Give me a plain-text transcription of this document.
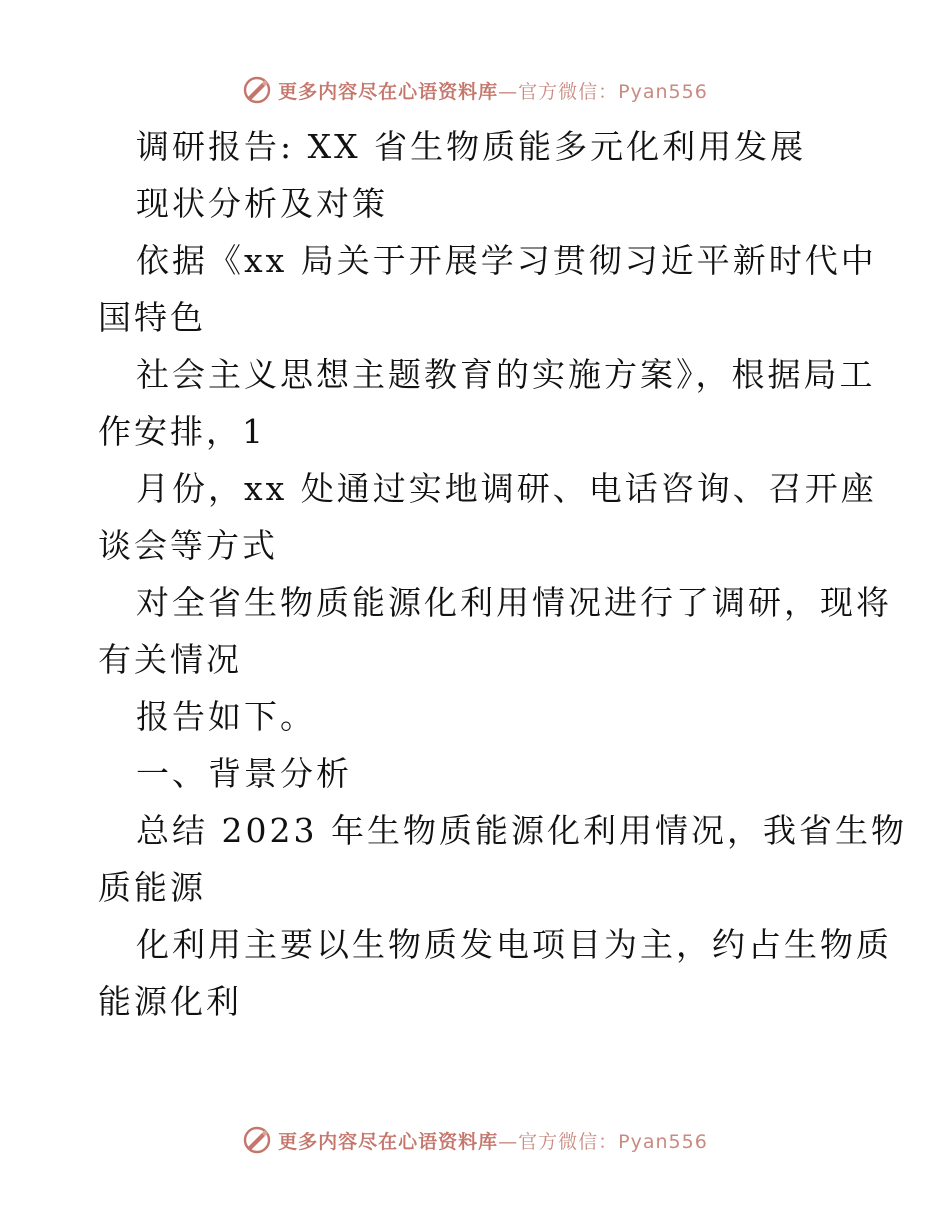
更多内容尽在心语资料库—官方微信：Pyan556
调研报告: XX 省生物质能多元化利用发展
现状分析及对策
依据《xx 局关于开展学习贯彻习近平新时代中
国特色
社会主义思想主题教育的实施方案》，根据局工
作安排，1
月份，xx 处通过实地调研、电话咨询、召开座
谈会等方式
对全省生物质能源化利用情况进行了调研，现将
有关情况
报告如下。
一、背景分析
总结 2023 年生物质能源化利用情况，我省生物
质能源
化利用主要以生物质发电项目为主，约占生物质
能源化利
更多内容尽在心语资料库—官方微信：Pyan556
